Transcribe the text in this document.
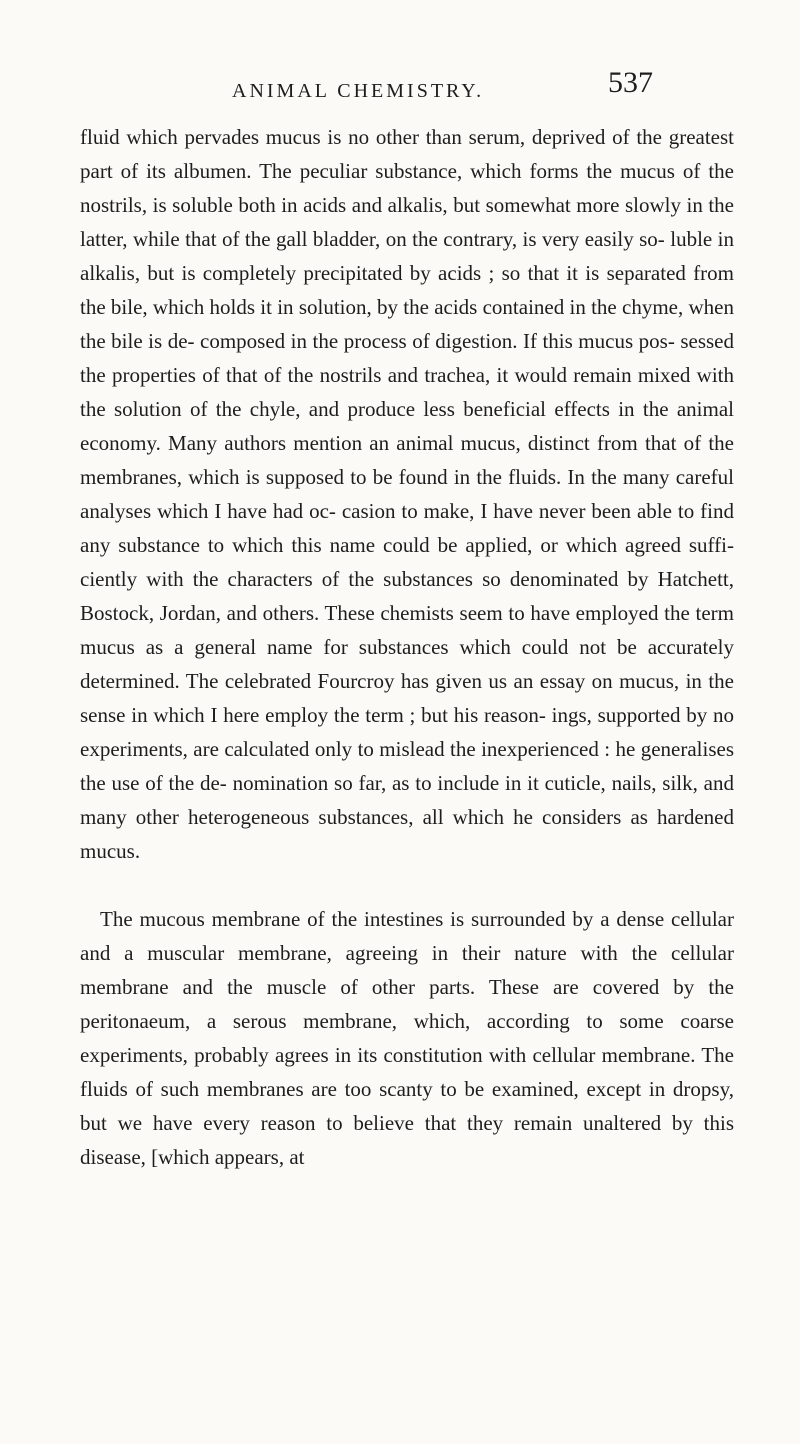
ANIMAL CHEMISTRY.	537

fluid which pervades mucus is no other than serum, deprived of the greatest part of its albumen. The peculiar substance, which forms the mucus of the nostrils, is soluble both in acids and alkalis, but somewhat more slowly in the latter, while that of the gall bladder, on the contrary, is very easily so- luble in alkalis, but is completely precipitated by acids ; so that it is separated from the bile, which holds it in solution, by the acids contained in the chyme, when the bile is de- composed in the process of digestion. If this mucus pos- sessed the properties of that of the nostrils and trachea, it would remain mixed with the solution of the chyle, and produce less beneficial effects in the animal economy. Many authors mention an animal mucus, distinct from that of the membranes, which is supposed to be found in the fluids. In the many careful analyses which I have had oc- casion to make, I have never been able to find any substance to which this name could be applied, or which agreed suffi- ciently with the characters of the substances so denominated by Hatchett, Bostock, Jordan, and others. These chemists seem to have employed the term mucus as a general name for substances which could not be accurately determined. The celebrated Fourcroy has given us an essay on mucus, in the sense in which I here employ the term ; but his reason- ings, supported by no experiments, are calculated only to mislead the inexperienced : he generalises the use of the de- nomination so far, as to include in it cuticle, nails, silk, and many other heterogeneous substances, all which he considers as hardened mucus.

The mucous membrane of the intestines is surrounded by a dense cellular and a muscular membrane, agreeing in their nature with the cellular membrane and the muscle of other parts. These are covered by the peritonaeum, a serous membrane, which, according to some coarse experiments, probably agrees in its constitution with cellular membrane. The fluids of such membranes are too scanty to be examined, except in dropsy, but we have every reason to believe that they remain unaltered by this disease, [which appears, at
